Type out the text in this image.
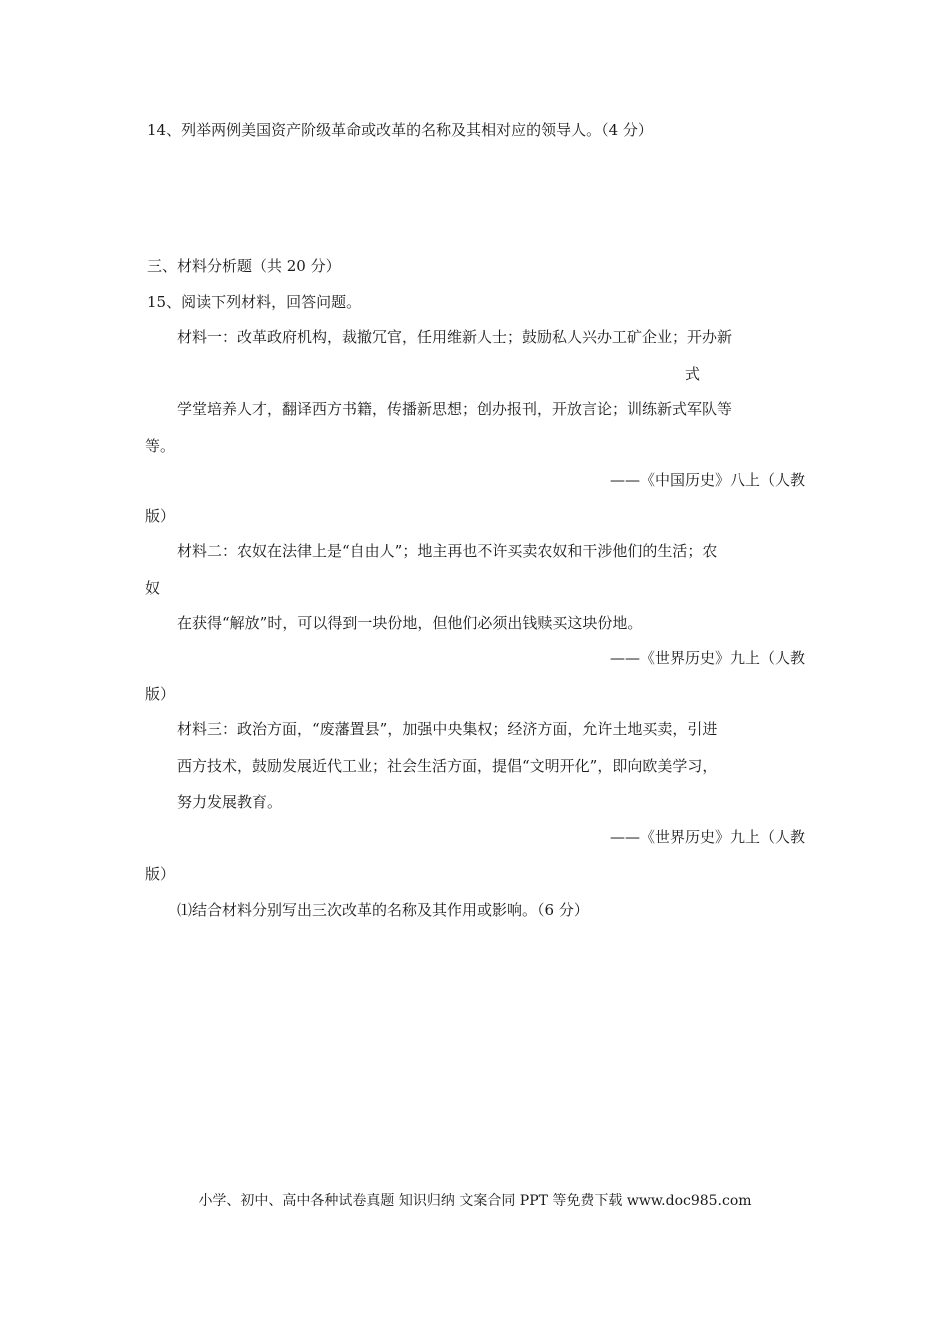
14、列举两例美国资产阶级革命或改革的名称及其相对应的领导人。（4 分）
三、材料分析题（共 20 分）
15、阅读下列材料，回答问题。
材料一：改革政府机构，裁撤冗官，任用维新人士；鼓励私人兴办工矿企业；开办新
式
学堂培养人才，翻译西方书籍，传播新思想；创办报刊，开放言论；训练新式军队等
等。
——《中国历史》八上（人教
版）
材料二：农奴在法律上是“自由人”；地主再也不许买卖农奴和干涉他们的生活；农
奴
在获得“解放”时，可以得到一块份地，但他们必须出钱赎买这块份地。
——《世界历史》九上（人教
版）
材料三：政治方面，“废藩置县”，加强中央集权；经济方面，允许土地买卖，引进
西方技术，鼓励发展近代工业；社会生活方面，提倡“文明开化”，即向欧美学习，
努力发展教育。
——《世界历史》九上（人教
版）
⑴结合材料分别写出三次改革的名称及其作用或影响。（6 分）
小学、初中、高中各种试卷真题 知识归纳 文案合同 PPT 等免费下载 www.doc985.com
